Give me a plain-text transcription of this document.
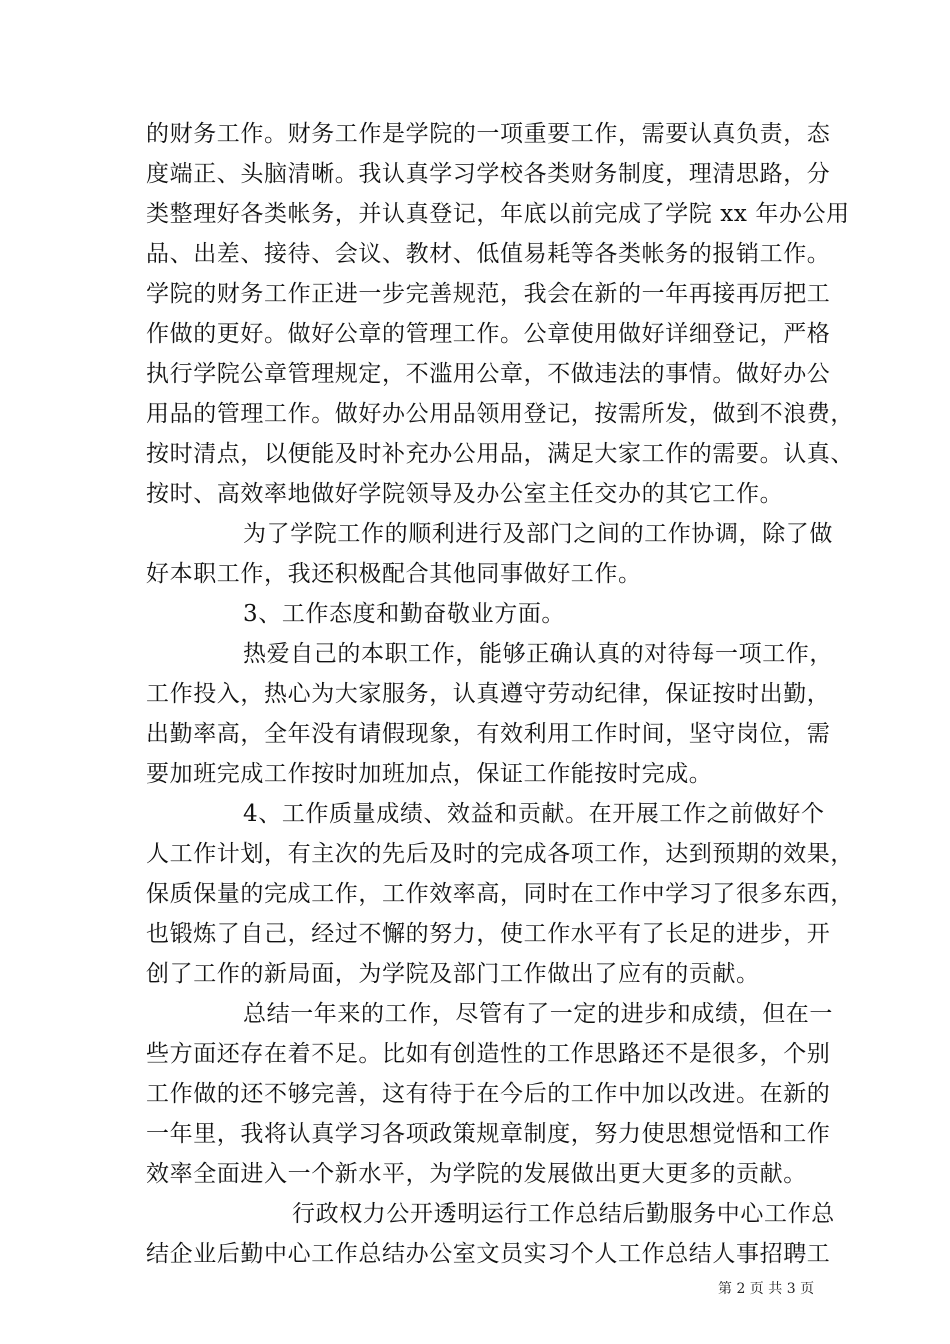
的财务工作。财务工作是学院的一项重要工作，需要认真负责，态
度端正、头脑清晰。我认真学习学校各类财务制度，理清思路，分
类整理好各类帐务，并认真登记，年底以前完成了学院 xx 年办公用
品、出差、接待、会议、教材、低值易耗等各类帐务的报销工作。
学院的财务工作正进一步完善规范，我会在新的一年再接再厉把工
作做的更好。做好公章的管理工作。公章使用做好详细登记，严格
执行学院公章管理规定，不滥用公章，不做违法的事情。做好办公
用品的管理工作。做好办公用品领用登记，按需所发，做到不浪费，
按时清点，以便能及时补充办公用品，满足大家工作的需要。认真、
按时、高效率地做好学院领导及办公室主任交办的其它工作。
为了学院工作的顺利进行及部门之间的工作协调，除了做
好本职工作，我还积极配合其他同事做好工作。
3、工作态度和勤奋敬业方面。
热爱自己的本职工作，能够正确认真的对待每一项工作，
工作投入，热心为大家服务，认真遵守劳动纪律，保证按时出勤，
出勤率高，全年没有请假现象，有效利用工作时间，坚守岗位，需
要加班完成工作按时加班加点，保证工作能按时完成。
4、工作质量成绩、效益和贡献。在开展工作之前做好个
人工作计划，有主次的先后及时的完成各项工作，达到预期的效果，
保质保量的完成工作，工作效率高，同时在工作中学习了很多东西，
也锻炼了自己，经过不懈的努力，使工作水平有了长足的进步，开
创了工作的新局面，为学院及部门工作做出了应有的贡献。
总结一年来的工作，尽管有了一定的进步和成绩，但在一
些方面还存在着不足。比如有创造性的工作思路还不是很多，个别
工作做的还不够完善，这有待于在今后的工作中加以改进。在新的
一年里，我将认真学习各项政策规章制度，努力使思想觉悟和工作
效率全面进入一个新水平，为学院的发展做出更大更多的贡献。
行政权力公开透明运行工作总结后勤服务中心工作总
结企业后勤中心工作总结办公室文员实习个人工作总结人事招聘工
第 2 页 共 3 页
